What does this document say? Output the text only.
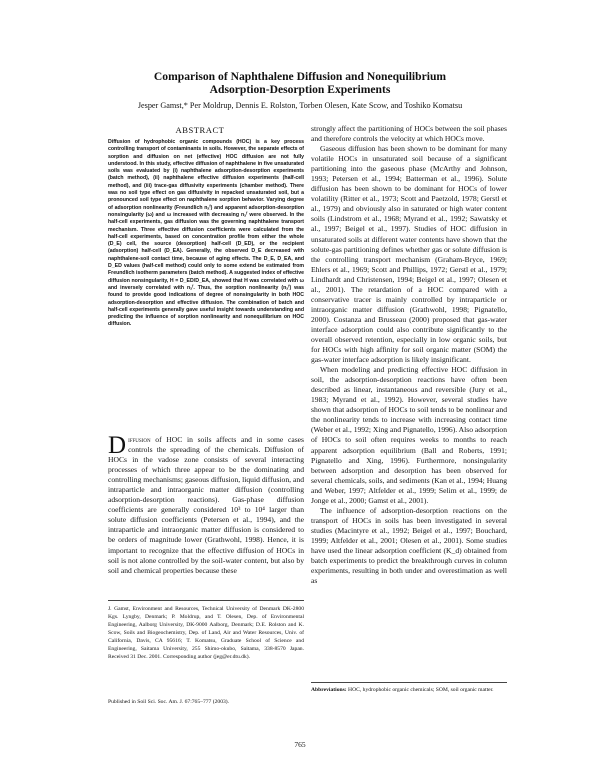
Comparison of Naphthalene Diffusion and Nonequilibrium
Adsorption-Desorption Experiments
Jesper Gamst,* Per Moldrup, Dennis E. Rolston, Torben Olesen, Kate Scow, and Toshiko Komatsu
ABSTRACT
Diffusion of hydrophobic organic compounds (HOC) is a key process controlling transport of contaminants in soils. However, the separate effects of sorption and diffusion on net (effective) HOC diffusion are not fully understood. In this study, effective diffusion of naphthalene in five unsaturated soils was evaluated by (i) naphthalene adsorption-desorption experiments (batch method), (ii) naphthalene effective diffusion experiments (half-cell method), and (iii) trace-gas diffusivity experiments (chamber method). There was no soil type effect on gas diffusivity in repacked unsaturated soil, but a pronounced soil type effect on naphthalene sorption behavior. Varying degree of adsorption nonlinearity (Freundlich nₐᶠ) and apparent adsorption-desorption nonsingularity (ω) and ω increased with decreasing nₐᶠ were observed. In the half-cell experiments, gas diffusion was the governing naphthalene transport mechanism. Three effective diffusion coefficients were calculated from the half-cell experiments, based on concentration profile from either the whole (D_E) cell, the source (desorption) half-cell (D_ED), or the recipient (adsorption) half-cell (D_EA). Generally, the observed D_E decreased with naphthalene-soil contact time, because of aging effects. The D_E, D_EA, and D_ED values (half-cell method) could only to some extend be estimated from Freundlich isotherm parameters (batch method). A suggested index of effective diffusion nonsingularity, H = D_ED/D_EA, showed that H was correlated with ω and inversely correlated with nₐᶠ. Thus, the sorption nonlinearity (nₐᶠ) was found to provide good indications of degree of nonsingularity in both HOC adsorption-desorption and effective diffusion. The combination of batch and half-cell experiments generally gave useful insight towards understanding and predicting the influence of sorption nonlinearity and nonequilibrium on HOC diffusion.
Diffusion of HOC in soils affects and in some cases controls the spreading of the chemicals. Diffusion of HOCs in the vadose zone consists of several interacting processes of which three appear to be the dominating and controlling mechanisms; gaseous diffusion, liquid diffusion, and intraparticle and intraorganic matter diffusion (controlling adsorption-desorption reactions). Gas-phase diffusion coefficients are generally considered 10³ to 10⁴ larger than solute diffusion coefficients (Petersen et al., 1994), and the intraparticle and intraorganic matter diffusion is considered to be orders of magnitude lower (Grathwohl, 1998). Hence, it is important to recognize that the effective diffusion of HOCs in soil is not alone controlled by the soil-water content, but also by soil and chemical properties because these

strongly affect the partitioning of HOCs between the soil phases and therefore controls the velocity at which HOCs move.

Gaseous diffusion has been shown to be dominant for many volatile HOCs in unsaturated soil because of a significant partitioning into the gaseous phase (McArthy and Johnson, 1993; Petersen et al., 1994; Batterman et al., 1996). Solute diffusion has been shown to be dominant for HOCs of lower volatility (Ritter et al., 1973; Scott and Paetzold, 1978; Gerstl et al., 1979) and obviously also in saturated or high water content soils (Lindstrom et al., 1968; Myrand et al., 1992; Sawatsky et al., 1997; Beigel et al., 1997). Studies of HOC diffusion in unsaturated soils at different water contents have shown that the solute-gas partitioning defines whether gas or solute diffusion is the controlling transport mechanism (Graham-Bryce, 1969; Ehlers et al., 1969; Scott and Phillips, 1972; Gerstl et al., 1979; Lindhardt and Christensen, 1994; Beigel et al., 1997; Olesen et al., 2001). The retardation of a HOC compared with a conservative tracer is mainly controlled by intraparticle or intraorganic matter diffusion (Grathwohl, 1998; Pignatello, 2000). Costanza and Brusseau (2000) proposed that gas-water interface adsorption could also contribute significantly to the overall observed retention, especially in low organic soils, but for HOCs with high affinity for soil organic matter (SOM) the gas-water interface adsorption is likely insignificant.

When modeling and predicting effective HOC diffusion in soil, the adsorption-desorption reactions have often been described as linear, instantaneous and reversible (Jury et al., 1983; Myrand et al., 1992). However, several studies have shown that adsorption of HOCs to soil tends to be nonlinear and the nonlinearity tends to increase with increasing contact time (Weber et al., 1992; Xing and Pignatello, 1996). Also adsorption of HOCs to soil often requires weeks to months to reach apparent adsorption equilibrium (Ball and Roberts, 1991; Pignatello and Xing, 1996). Furthermore, nonsingularity between adsorption and desorption has been observed for several chemicals, soils, and sediments (Kan et al., 1994; Huang and Weber, 1997; Altfelder et al., 1999; Selim et al., 1999; de Jonge et al., 2000; Gamst et al., 2001).

The influence of adsorption-desorption reactions on the transport of HOCs in soils has been investigated in several studies (Macintyre et al., 1992; Beigel et al., 1997; Bouchard, 1999; Altfelder et al., 2001; Olesen et al., 2001). Some studies have used the linear adsorption coefficient (K_d) obtained from batch experiments to predict the breakthrough curves in column experiments, resulting in both under and overestimation as well as

J. Gamst, Environment and Resources, Technical University of Denmark DK-2800 Kgs. Lyngby, Denmark; P. Moldrup, and T. Olesen, Dep. of Environmental Engineering, Aalborg University, DK-9000 Aalborg, Denmark; D.E. Rolston and K. Scow, Soils and Biogeochemistry, Dep. of Land, Air and Water Resources, Univ. of California, Davis, CA 95616; T. Komatsu, Graduate School of Science and Engineering, Saitama University, 255 Shimo-okubo, Saitama, 338-8570 Japan. Received 31 Dec. 2001. Corresponding author (jeg@er.dtu.dk).
Published in Soil Sci. Soc. Am. J. 67:765–777 (2003).
Abbreviations: HOC, hydrophobic organic chemicals; SOM, soil organic matter.
765
